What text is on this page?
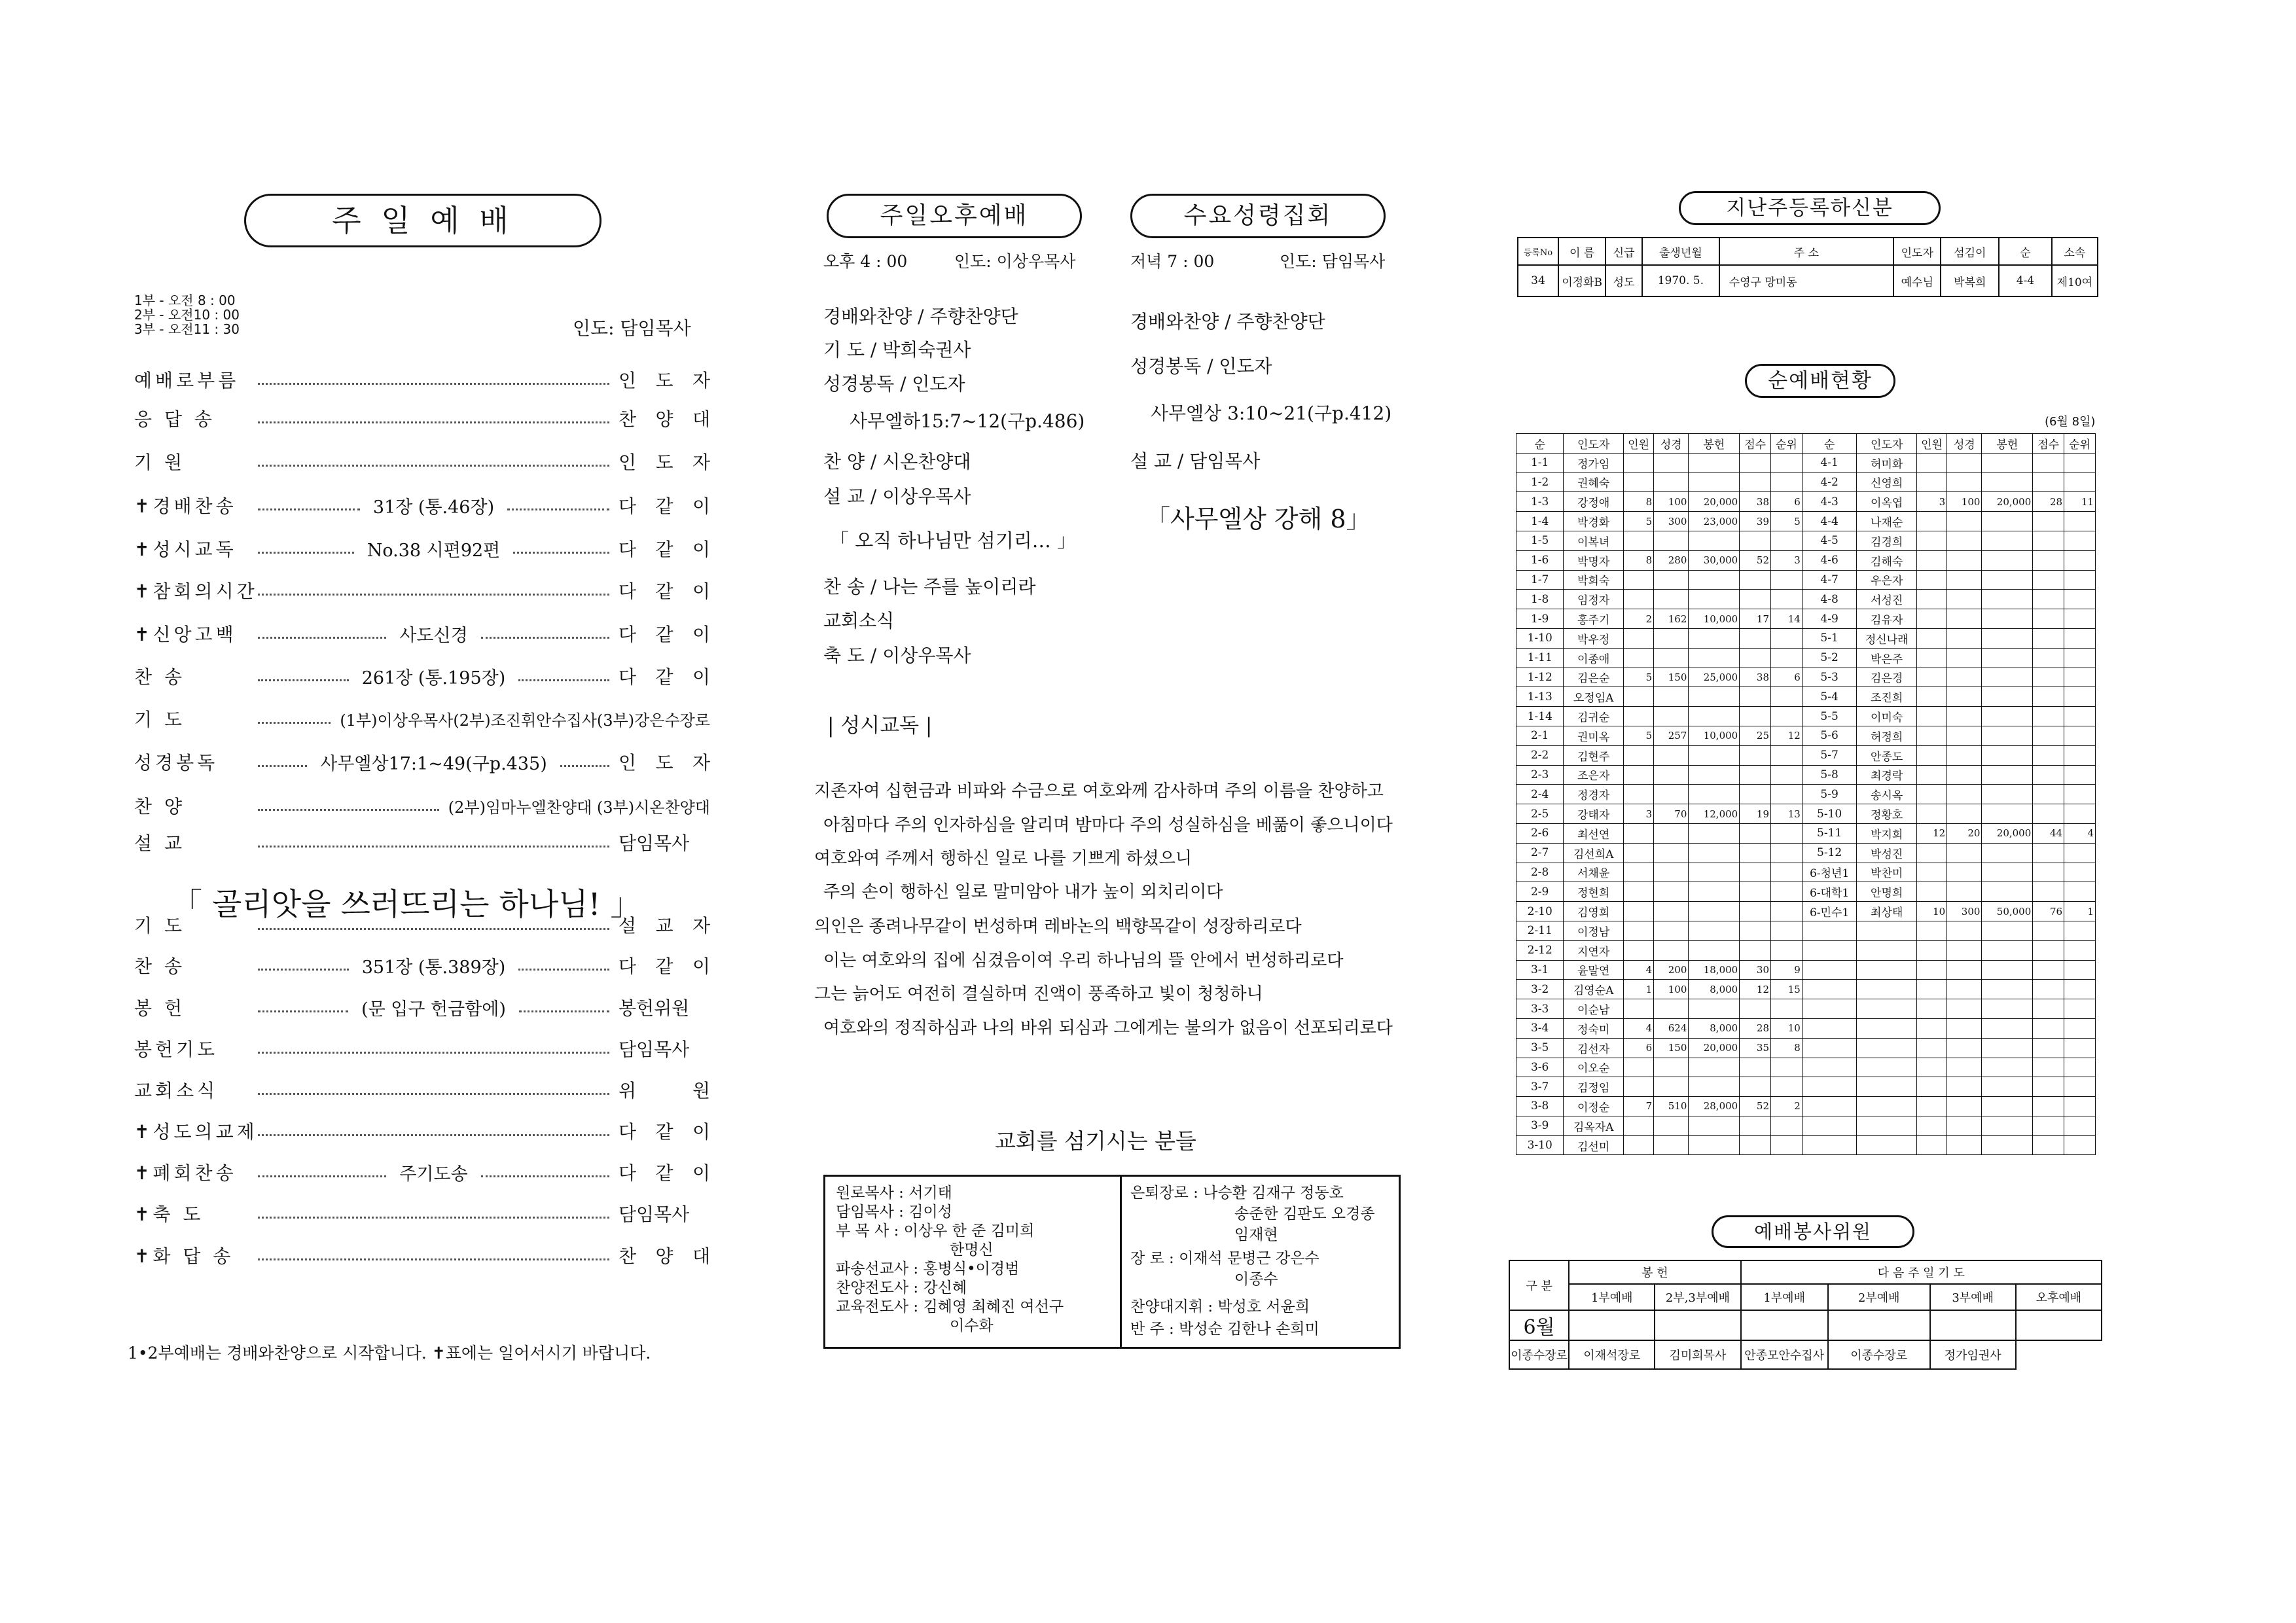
주 일 예 배
1부 - 오전 8 : 00
2부 - 오전10 : 00
3부 - 오전11 : 30	인도: 담임목사
예배로부름	인 도 자
응 답 송	찬 양 대
기 원	인 도 자
✝경배찬송	31장 (통.46장)	다 같 이
✝성시교독	No.38 시편92편	다 같 이
✝참회의시간	다 같 이
✝신앙고백	사도신경	다 같 이
찬 송	261장 (통.195장)	다 같 이
기 도	(1부)이상우목사(2부)조진휘안수집사(3부)강은수장로
성경봉독	사무엘상17:1~49(구p.435)	인 도 자
찬 양	(2부)임마누엘찬양대 (3부)시온찬양대
설 교	담임목사
「 골리앗을 쓰러뜨리는 하나님! 」
기 도	설 교 자
찬 송	351장 (통.389장)	다 같 이
봉 헌	(문 입구 헌금함에)	봉헌위원
봉헌기도	담임목사
교회소식	위 원
✝성도의교제	다 같 이
✝폐회찬송	주기도송	다 같 이
✝축 도	담임목사
✝화 답 송	찬 양 대
1•2부예배는 경배와찬양으로 시작합니다. ✝표에는 일어서시기 바랍니다.
주일오후예배
오후 4 : 00	인도: 이상우목사
경배와찬양 / 주향찬양단
기 도 / 박희숙권사
성경봉독 / 인도자
사무엘하15:7~12(구p.486)
찬 양 / 시온찬양대
설 교 / 이상우목사
「 오직 하나님만 섬기리… 」
찬 송 / 나는 주를 높이리라
교회소식
축 도 / 이상우목사
수요성령집회
저녁 7 : 00	인도: 담임목사
경배와찬양 / 주향찬양단
성경봉독 / 인도자
사무엘상 3:10~21(구p.412)
설 교 / 담임목사
「사무엘상 강해 8」
| 성시교독 |
지존자여 십현금과 비파와 수금으로 여호와께 감사하며 주의 이름을 찬양하고
아침마다 주의 인자하심을 알리며 밤마다 주의 성실하심을 베풂이 좋으니이다
여호와여 주께서 행하신 일로 나를 기쁘게 하셨으니
주의 손이 행하신 일로 말미암아 내가 높이 외치리이다
의인은 종려나무같이 번성하며 레바논의 백향목같이 성장하리로다
이는 여호와의 집에 심겼음이여 우리 하나님의 뜰 안에서 번성하리로다
그는 늙어도 여전히 결실하며 진액이 풍족하고 빛이 청청하니
여호와의 정직하심과 나의 바위 되심과 그에게는 불의가 없음이 선포되리로다
교회를 섬기시는 분들
원로목사 : 서기태
담임목사 : 김이성
부 목 사 : 이상우 한 준 김미희
한명신
파송선교사 : 홍병식•이경범
찬양전도사 : 강신혜
교육전도사 : 김혜영 최혜진 여선구
이수화
은퇴장로 : 나승환 김재구 정동호
송준한 김판도 오경종
임재현
장 로 : 이재석 문병근 강은수
이종수
찬양대지휘 : 박성호 서윤희
반 주 : 박성순 김한나 손희미
지난주등록하신분
등록No	이 름	신급	출생년월	주 소	인도자	섬김이	순	소속
34	이정화B	성도	1970. 5.	수영구 망미동	예수님	박복희	4-4	제10여
순예배현황
(6월 8일)
순	인도자	인원	성경	봉헌	점수	순위	순	인도자	인원	성경	봉헌	점수	순위
1-1	정가임						4-1	허미화					
1-2	권혜숙						4-2	신영희					
1-3	강정애	8	100	20,000	38	6	4-3	이옥엽	3	100	20,000	28	11
1-4	박경화	5	300	23,000	39	5	4-4	나재순					
1-5	이복녀						4-5	김경희					
1-6	박명자	8	280	30,000	52	3	4-6	김해숙					
1-7	박희숙						4-7	우은자					
1-8	임정자						4-8	서성진					
1-9	홍주기	2	162	10,000	17	14	4-9	김유자					
1-10	박우정						5-1	정신나래					
1-11	이종애						5-2	박은주					
1-12	김은순	5	150	25,000	38	6	5-3	김은경					
1-13	오정임A						5-4	조진희					
1-14	김귀순						5-5	이미숙					
2-1	권미옥	5	257	10,000	25	12	5-6	허정희					
2-2	김현주						5-7	안종도					
2-3	조은자						5-8	최경락					
2-4	정경자						5-9	송시옥					
2-5	강태자	3	70	12,000	19	13	5-10	정황호					
2-6	최선연						5-11	박지희	12	20	20,000	44	4
2-7	김선희A						5-12	박성진					
2-8	서채윤						6-청년1	박찬미					
2-9	정현희						6-대학1	안명희					
2-10	김영희						6-민수1	최상태	10	300	50,000	76	1
2-11	이정남												
2-12	지연자												
3-1	윤말연	4	200	18,000	30	9							
3-2	김영순A	1	100	8,000	12	15							
3-3	이순남												
3-4	정숙미	4	624	8,000	28	10							
3-5	김선자	6	150	20,000	35	8							
3-6	이오순												
3-7	김정임												
3-8	이정순	7	510	28,000	52	2							
3-9	김옥자A												
3-10	김선미												
예배봉사위원
구 분	봉 헌		다 음 주 일 기 도			
	1부예배	2부,3부예배	1부예배	2부예배	3부예배	오후예배
6월						
이종수장로	이재석장로	김미희목사	안종모안수집사	이종수장로	정가임권사	
